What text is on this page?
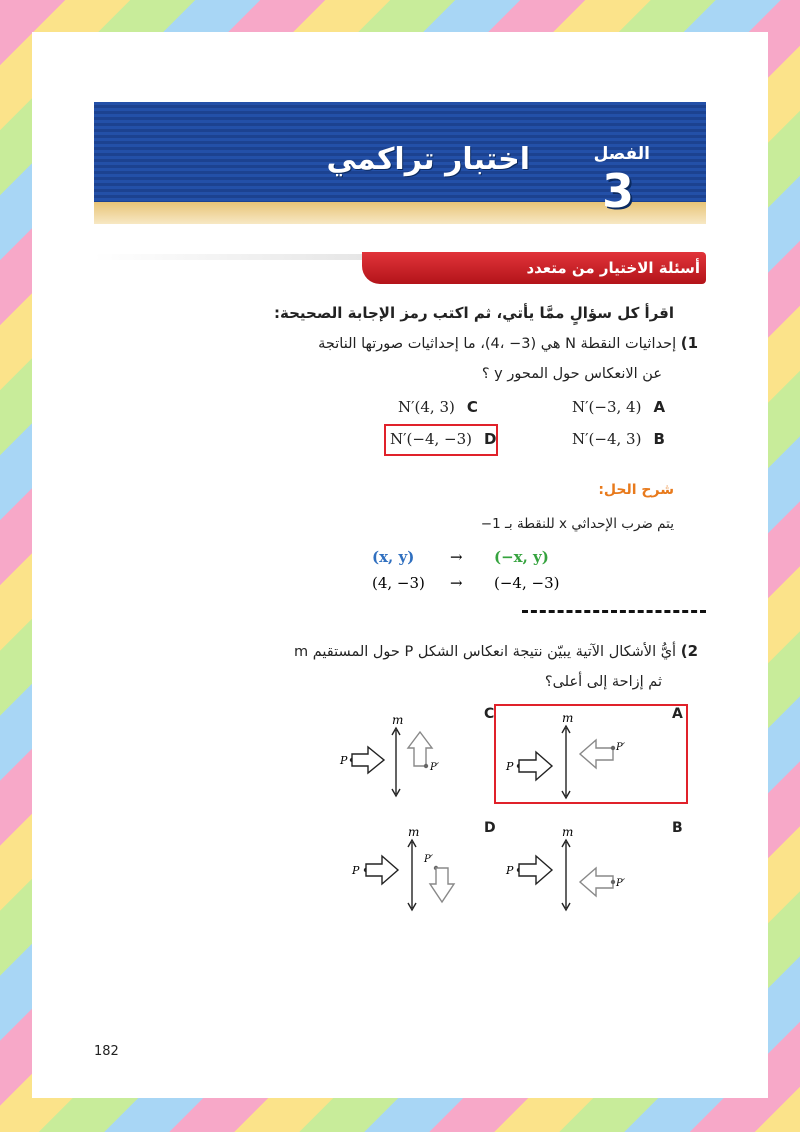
اختبار تراكمي	الفصل
3
أسئلة الاختيار من متعدد
اقرأ كل سؤالٍ ممَّا يأتي، ثم اكتب رمز الإجابة الصحيحة:
1) إحداثيات النقطة N هي (3− ،4)، ما إحداثيات صورتها الناتجة
عن الانعكاس حول المحور y ؟
N′(−3, 4) A
N′(4, 3) C
N′(−4, 3) B
N′(−4, −3) D
شرح الحل:
يتم ضرب الإحداثي x للنقطة بـ 1−
(x, y) → (−x, y)
(4, −3) → (−4, −3)
2) أيُّ الأشكال الآتية يبيّن نتيجة انعكاس الشكل P حول المستقيم m
ثم إزاحة إلى أعلى؟
A
C
B
D
m
P
P′
m
P
P′
m
P
P′
m
P
P′
182
